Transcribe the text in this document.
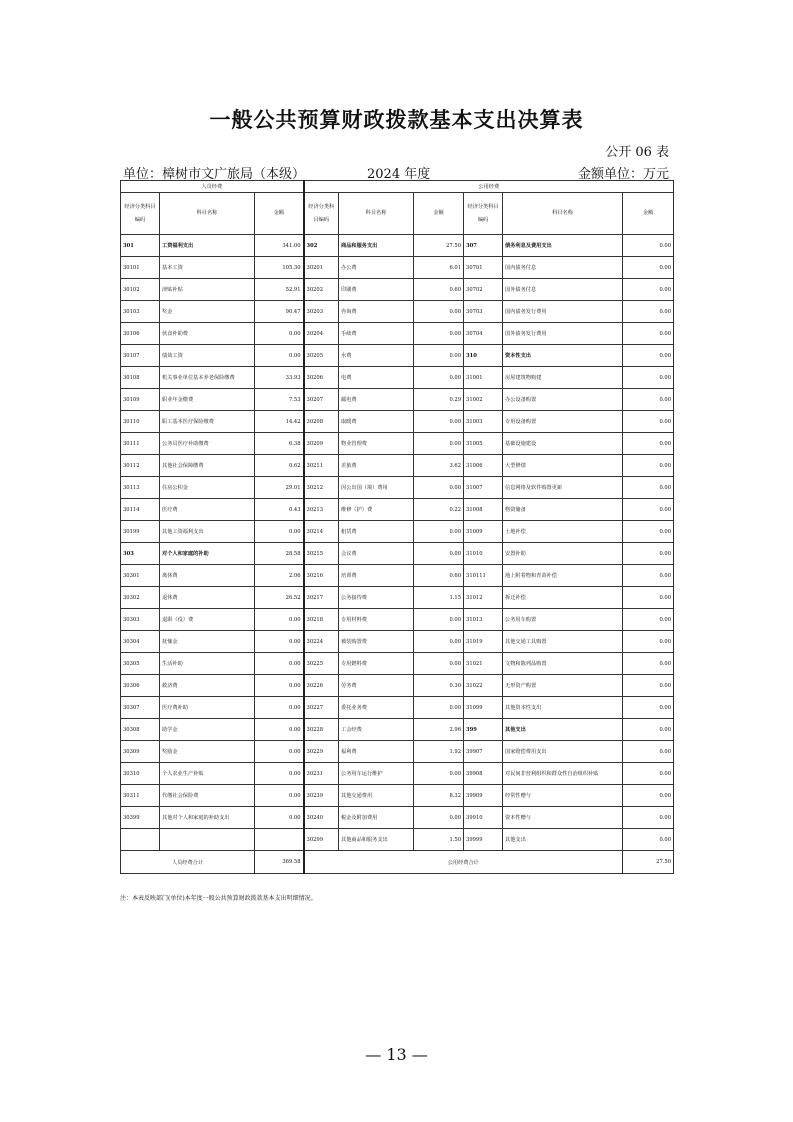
一般公共预算财政拨款基本支出决算表
公开 06 表
单位：樟树市文广旅局（本级）	2024 年度	金额单位：万元
人员经费			公用经费					
经济分类科目编码	科目名称	金额	经济分类科目编码	科目名称	金额	经济分类科目编码	科目名称	金额
301	工资福利支出	341.00	302	商品和服务支出	27.50	307	债务利息及费用支出	0.00
30101	基本工资	105.30	30201	办公费	6.01	30701	国内债务付息	0.00
30102	津贴补贴	52.91	30202	印刷费	0.60	30702	国外债务付息	0.00
30103	奖金	90.47	30203	咨询费	0.00	30703	国内债务发行费用	0.00
30106	伙食补助费	0.00	30204	手续费	0.00	30704	国外债务发行费用	0.00
30107	绩效工资	0.00	30205	水费	0.00	310	资本性支出	0.00
30108	机关事业单位基本养老保险缴费	33.93	30206	电费	0.00	31001	房屋建筑物购建	0.00
30109	职业年金缴费	7.53	30207	邮电费	0.29	31002	办公设备购置	0.00
30110	职工基本医疗保险缴费	14.42	30208	取暖费	0.00	31003	专用设备购置	0.00
30111	公务员医疗补助缴费	6.38	30209	物业管理费	0.00	31005	基础设施建设	0.00
30112	其他社会保障缴费	0.62	30211	差旅费	3.62	31006	大型修缮	0.00
30113	住房公积金	29.01	30212	因公出国（境）费用	0.00	31007	信息网络及软件购置更新	0.00
30114	医疗费	0.43	30213	维修（护）费	0.22	31008	物资储备	0.00
30199	其他工资福利支出	0.00	30214	租赁费	0.00	31009	土地补偿	0.00
303	对个人和家庭的补助	28.58	30215	会议费	0.00	31010	安置补助	0.00
30301	离休费	2.06	30216	培训费	0.60	310111	地上附着物和青苗补偿	0.00
30302	退休费	26.52	30217	公务接待费	1.15	31012	拆迁补偿	0.00
30303	退职（役）费	0.00	30218	专用材料费	0.00	31013	公务用车购置	0.00
30304	抚恤金	0.00	30224	被装购置费	0.00	31019	其他交通工具购置	0.00
30305	生活补助	0.00	30225	专用燃料费	0.00	31021	文物和陈列品购置	0.00
30306	救济费	0.00	30226	劳务费	0.30	31022	无形资产购置	0.00
30307	医疗费补助	0.00	30227	委托业务费	0.00	31099	其他资本性支出	0.00
30308	助学金	0.00	30228	工会经费	2.96	399	其他支出	0.00
30309	奖励金	0.00	30229	福利费	1.92	39907	国家赔偿费用支出	0.00
30310	个人农业生产补贴	0.00	30231	公务用车运行维护	0.00	39908	对民间非营利组织和群众性自治组织补贴	0.00
30311	代缴社会保险费	0.00	30239	其他交通费用	8.32	39909	经常性赠与	0.00
30399	其他对个人和家庭的补助支出	0.00	30240	税金及附加费用	0.00	39910	资本性赠与	0.00
			30299	其他商品和服务支出	1.50	39999	其他支出	0.00
人员经费合计		369.58	公用经费合计					27.50
注：本表反映部门(单位)本年度一般公共预算财政拨款基本支出明细情况。
— 13 —
